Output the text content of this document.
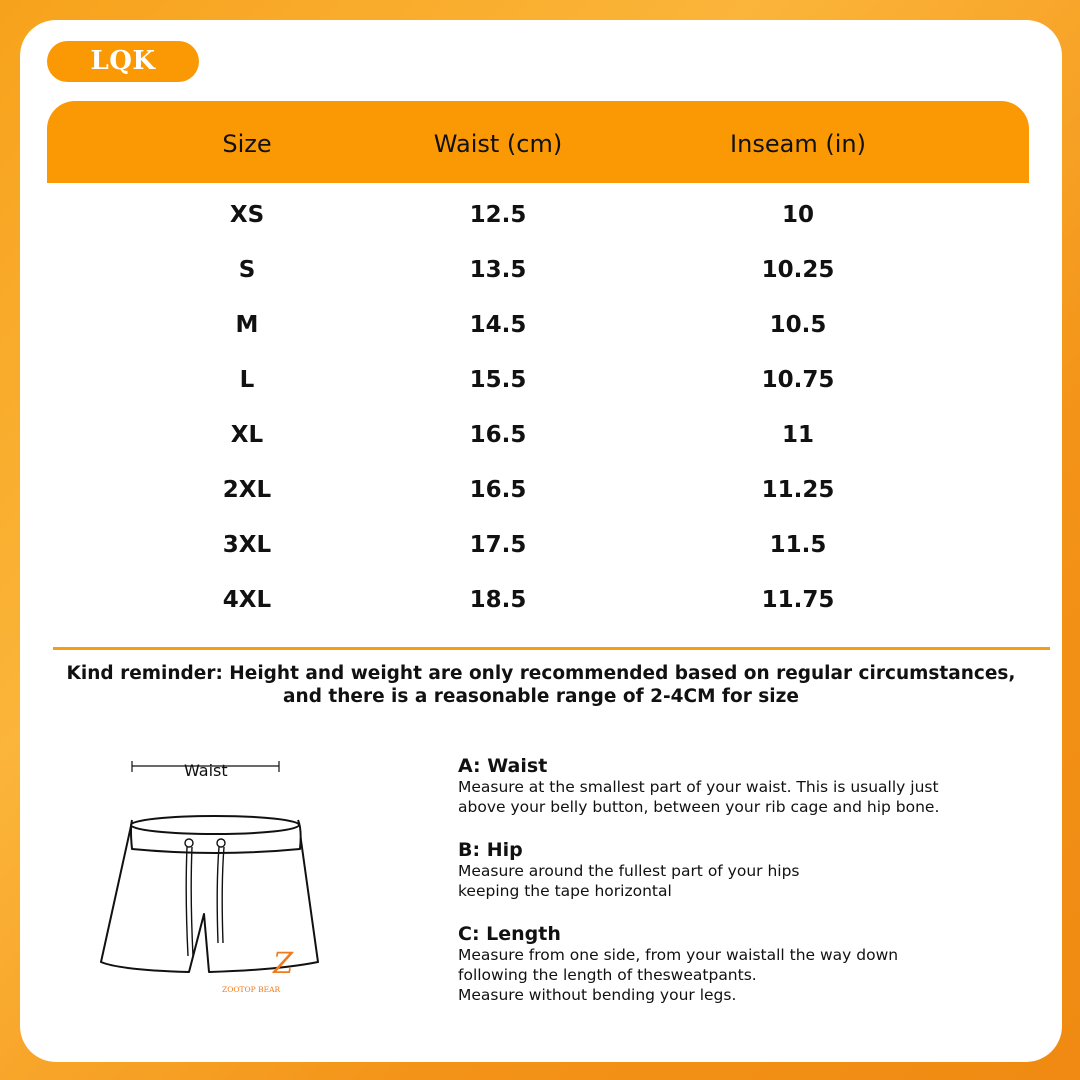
LQK
Size	Waist (cm)	Inseam (in)
XS	12.5	10
S	13.5	10.25
M	14.5	10.5
L	15.5	10.75
XL	16.5	11
2XL	16.5	11.25
3XL	17.5	11.5
4XL	18.5	11.75
Kind reminder: Height and weight are only recommended based on regular circumstances,
and there is a reasonable range of 2-4CM for size
Waist
Z
ZOOTOP BEAR
A: Waist
Measure at the smallest part of your waist. This is usually just
above your belly button, between your rib cage and hip bone.
B: Hip
Measure around the fullest part of your hips
keeping the tape horizontal
C: Length
Measure from one side, from your waistall the way down
following the length of thesweatpants.
Measure without bending your legs.
